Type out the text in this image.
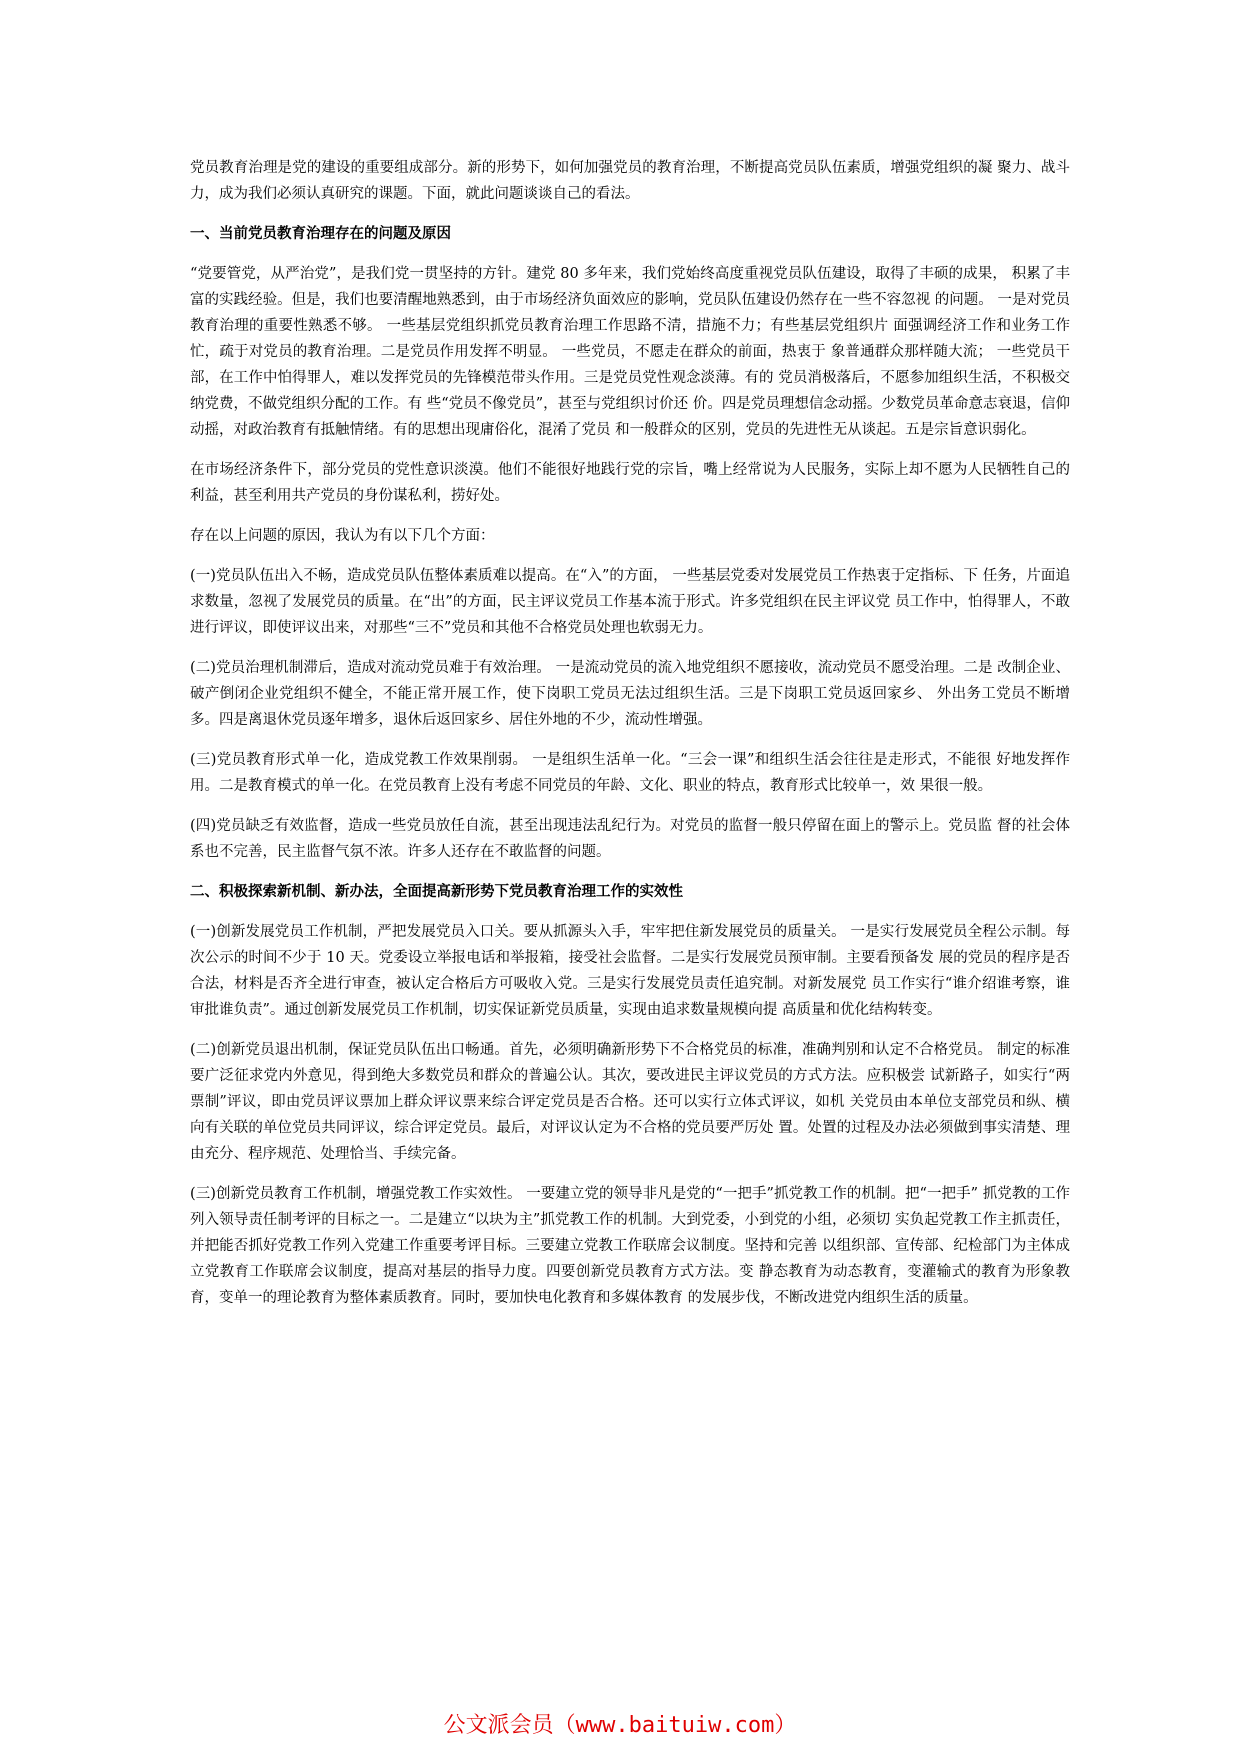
党员教育治理是党的建设的重要组成部分。新的形势下，如何加强党员的教育治理，不断提高党员队伍素质，增强党组织的凝 聚力、战斗力，成为我们必须认真研究的课题。下面，就此问题谈谈自己的看法。

一、当前党员教育治理存在的问题及原因

“党要管党，从严治党”，是我们党一贯坚持的方针。建党 80 多年来，我们党始终高度重视党员队伍建设，取得了丰硕的成果， 积累了丰富的实践经验。但是，我们也要清醒地熟悉到，由于市场经济负面效应的影响，党员队伍建设仍然存在一些不容忽视 的问题。 一是对党员教育治理的重要性熟悉不够。 一些基层党组织抓党员教育治理工作思路不清，措施不力；有些基层党组织片 面强调经济工作和业务工作忙，疏于对党员的教育治理。二是党员作用发挥不明显。 一些党员，不愿走在群众的前面，热衷于 象普通群众那样随大流； 一些党员干部，在工作中怕得罪人，难以发挥党员的先锋模范带头作用。三是党员党性观念淡薄。有的 党员消极落后，不愿参加组织生活，不积极交纳党费，不做党组织分配的工作。有 些“党员不像党员”，甚至与党组织讨价还 价。四是党员理想信念动摇。少数党员革命意志衰退，信仰动摇，对政治教育有抵触情绪。有的思想出现庸俗化，混淆了党员 和一般群众的区别，党员的先进性无从谈起。五是宗旨意识弱化。

在市场经济条件下，部分党员的党性意识淡漠。他们不能很好地践行党的宗旨，嘴上经常说为人民服务，实际上却不愿为人民牺牲自己的利益，甚至利用共产党员的身份谋私利，捞好处。

存在以上问题的原因，我认为有以下几个方面：

(一)党员队伍出入不畅，造成党员队伍整体素质难以提高。在“入”的方面， 一些基层党委对发展党员工作热衷于定指标、下 任务，片面追求数量，忽视了发展党员的质量。在“出”的方面，民主评议党员工作基本流于形式。许多党组织在民主评议党 员工作中，怕得罪人，不敢进行评议，即使评议出来，对那些“三不”党员和其他不合格党员处理也软弱无力。

(二)党员治理机制滞后，造成对流动党员难于有效治理。 一是流动党员的流入地党组织不愿接收，流动党员不愿受治理。二是 改制企业、破产倒闭企业党组织不健全，不能正常开展工作，使下岗职工党员无法过组织生活。三是下岗职工党员返回家乡、 外出务工党员不断增多。四是离退休党员逐年增多，退休后返回家乡、居住外地的不少，流动性增强。

(三)党员教育形式单一化，造成党教工作效果削弱。 一是组织生活单一化。“三会一课”和组织生活会往往是走形式，不能很 好地发挥作用。二是教育模式的单一化。在党员教育上没有考虑不同党员的年龄、文化、职业的特点，教育形式比较单一，效 果很一般。

(四)党员缺乏有效监督，造成一些党员放任自流，甚至出现违法乱纪行为。对党员的监督一般只停留在面上的警示上。党员监 督的社会体系也不完善，民主监督气氛不浓。许多人还存在不敢监督的问题。

二、积极探索新机制、新办法，全面提高新形势下党员教育治理工作的实效性

(一)创新发展党员工作机制，严把发展党员入口关。要从抓源头入手，牢牢把住新发展党员的质量关。 一是实行发展党员全程公示制。每次公示的时间不少于 10 天。党委设立举报电话和举报箱，接受社会监督。二是实行发展党员预审制。主要看预备发 展的党员的程序是否合法，材料是否齐全进行审查，被认定合格后方可吸收入党。三是实行发展党员责任追究制。对新发展党 员工作实行“谁介绍谁考察，谁审批谁负责”。通过创新发展党员工作机制，切实保证新党员质量，实现由追求数量规模向提 高质量和优化结构转变。

(二)创新党员退出机制，保证党员队伍出口畅通。首先，必须明确新形势下不合格党员的标准，准确判别和认定不合格党员。 制定的标准要广泛征求党内外意见，得到绝大多数党员和群众的普遍公认。其次，要改进民主评议党员的方式方法。应积极尝 试新路子，如实行“两票制”评议，即由党员评议票加上群众评议票来综合评定党员是否合格。还可以实行立体式评议，如机 关党员由本单位支部党员和纵、横向有关联的单位党员共同评议，综合评定党员。最后，对评议认定为不合格的党员要严厉处 置。处置的过程及办法必须做到事实清楚、理由充分、程序规范、处理恰当、手续完备。

(三)创新党员教育工作机制，增强党教工作实效性。 一要建立党的领导非凡是党的“一把手”抓党教工作的机制。把“一把手” 抓党教的工作列入领导责任制考评的目标之一。二是建立“以块为主”抓党教工作的机制。大到党委，小到党的小组，必须切 实负起党教工作主抓责任，并把能否抓好党教工作列入党建工作重要考评目标。三要建立党教工作联席会议制度。坚持和完善 以组织部、宣传部、纪检部门为主体成立党教育工作联席会议制度，提高对基层的指导力度。四要创新党员教育方式方法。变 静态教育为动态教育，变灌输式的教育为形象教育，变单一的理论教育为整体素质教育。同时，要加快电化教育和多媒体教育 的发展步伐，不断改进党内组织生活的质量。

公文派会员（www.baituiw.com）
